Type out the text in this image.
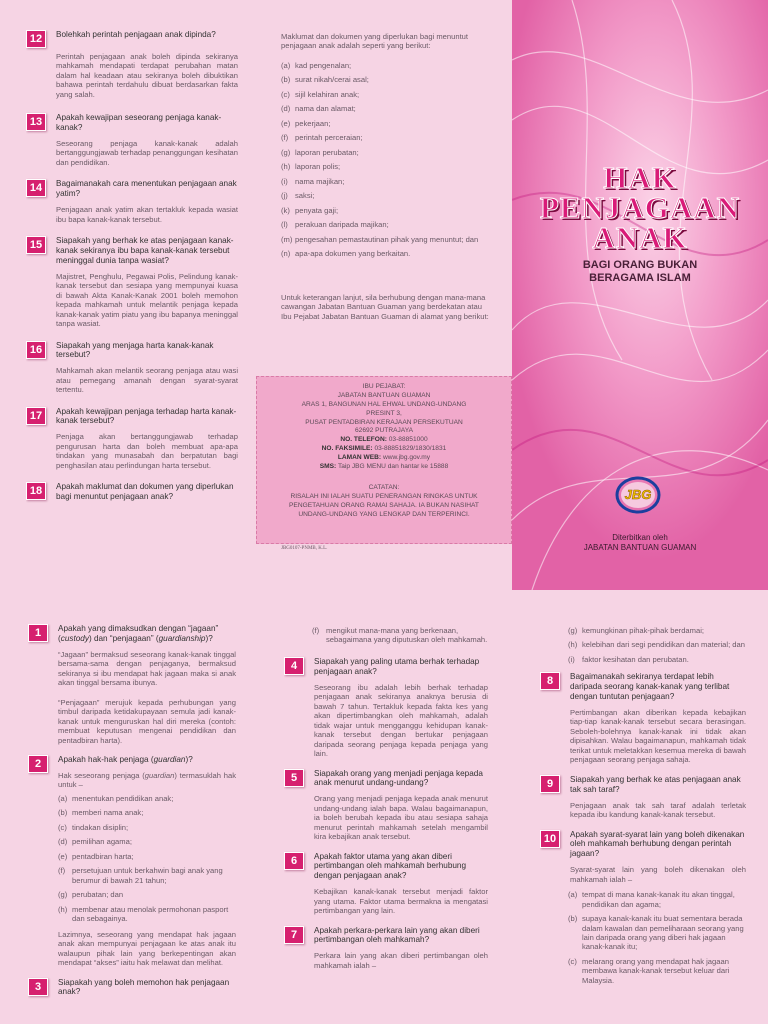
12	Bolehkah perintah penjagaan anak dipinda?
Perintah penjagaan anak boleh dipinda sekiranya mahkamah mendapati terdapat perubahan matan dalam hal keadaan atau sekiranya boleh dibuktikan bahawa perintah terdahulu dibuat berdasarkan fakta yang salah.
13	Apakah kewajipan seseorang penjaga kanak-kanak?
Seseorang penjaga kanak-kanak adalah bertanggungjawab terhadap penanggungan kesihatan dan pendidikan.
14	Bagaimanakah cara menentukan penjagaan anak yatim?
Penjagaan anak yatim akan tertakluk kepada wasiat ibu bapa kanak-kanak tersebut.
15	Siapakah yang berhak ke atas penjagaan kanak-kanak sekiranya ibu bapa kanak-kanak tersebut meninggal dunia tanpa wasiat?
Majistret, Penghulu, Pegawai Polis, Pelindung kanak-kanak tersebut dan sesiapa yang mempunyai kuasa di bawah Akta Kanak-Kanak 2001 boleh memohon kepada mahkamah untuk melantik penjaga kepada kanak-kanak yatim piatu yang ibu bapanya meninggal tanpa wasiat.
16	Siapakah yang menjaga harta kanak-kanak tersebut?
Mahkamah akan melantik seorang penjaga atau wasi atau pemegang amanah dengan syarat-syarat tertentu.
17	Apakah kewajipan penjaga terhadap harta kanak-kanak tersebut?
Penjaga akan bertanggungjawab terhadap pengurusan harta dan boleh membuat apa-apa tindakan yang munasabah dan berpatutan bagi penghasilan atau perlindungan harta tersebut.
18	Apakah maklumat dan dokumen yang diperlukan bagi menuntut penjagaan anak?
Maklumat dan dokumen yang diperlukan bagi menuntut penjagaan anak adalah seperti yang berikut:
(a) kad pengenalan;
(b) surat nikah/cerai asal;
(c) sijil kelahiran anak;
(d) nama dan alamat;
(e) pekerjaan;
(f) perintah perceraian;
(g) laporan perubatan;
(h) laporan polis;
(i) nama majikan;
(j) saksi;
(k) penyata gaji;
(l) perakuan daripada majikan;
(m) pengesahan pemastautinan pihak yang menuntut; dan
(n) apa-apa dokumen yang berkaitan.
Untuk keterangan lanjut, sila berhubung dengan mana-mana cawangan Jabatan Bantuan Guaman yang berdekatan atau Ibu Pejabat Jabatan Bantuan Guaman di alamat yang berikut:
IBU PEJABAT:
JABATAN BANTUAN GUAMAN
ARAS 1, BANGUNAN HAL EHWAL UNDANG-UNDANG
PRESINT 3,
PUSAT PENTADBIRAN KERAJAAN PERSEKUTUAN
62692 PUTRAJAYA
NO. TELEFON: 03-88851000
NO. FAKSIMILE: 03-88851829/1830/1831
LAMAN WEB: www.jbg.gov.my
SMS: Taip JBG MENU dan hantar ke 15888
CATATAN:
RISALAH INI IALAH SUATU PENERANGAN RINGKAS UNTUK PENGETAHUAN ORANG RAMAI SAHAJA. IA BUKAN NASIHAT UNDANG-UNDANG YANG LENGKAP DAN TERPERINCI.
JBG0107-PNMB, K.L.
HAK
PENJAGAAN
ANAK
BAGI ORANG BUKAN
BERAGAMA ISLAM
JBG
Diterbitkan oleh
JABATAN BANTUAN GUAMAN
1	Apakah yang dimaksudkan dengan “jagaan” (custody) dan “penjagaan” (guardianship)?
“Jagaan” bermaksud seseorang kanak-kanak tinggal bersama-sama dengan penjaganya, bermaksud sekiranya si ibu mendapat hak jagaan maka si anak akan tinggal bersama ibunya.
“Penjagaan” merujuk kepada perhubungan yang timbul daripada ketidakupayaan semula jadi kanak-kanak untuk menguruskan hal diri mereka (contoh: membuat keputusan mengenai pendidikan dan pentadbiran harta).
2	Apakah hak-hak penjaga (guardian)?
Hak seseorang penjaga (guardian) termasuklah hak untuk –
(a) menentukan pendidikan anak;
(b) memberi nama anak;
(c) tindakan disiplin;
(d) pemilihan agama;
(e) pentadbiran harta;
(f) persetujuan untuk berkahwin bagi anak yang berumur di bawah 21 tahun;
(g) perubatan; dan
(h) membenar atau menolak permohonan pasport dan sebagainya.
Lazimnya, seseorang yang mendapat hak jagaan anak akan mempunyai penjagaan ke atas anak itu walaupun pihak lain yang berkepentingan akan mendapat “akses” iaitu hak melawat dan melihat.
3	Siapakah yang boleh memohon hak penjagaan anak?
(f) mengikut mana-mana yang berkenaan, sebagaimana yang diputuskan oleh mahkamah.
4	Siapakah yang paling utama berhak terhadap penjagaan anak?
Seseorang ibu adalah lebih berhak terhadap penjagaan anak sekiranya anaknya berusia di bawah 7 tahun. Tertakluk kepada fakta kes yang akan dipertimbangkan oleh mahkamah, adalah tidak wajar untuk mengganggu kehidupan kanak-kanak tersebut dengan bertukar penjagaan daripada seorang penjaga kepada penjaga yang lain.
5	Siapakah orang yang menjadi penjaga kepada anak menurut undang-undang?
Orang yang menjadi penjaga kepada anak menurut undang-undang ialah bapa. Walau bagaimanapun, ia boleh berubah kepada ibu atau sesiapa sahaja menurut perintah mahkamah setelah mengambil kira kebajikan anak tersebut.
6	Apakah faktor utama yang akan diberi pertimbangan oleh mahkamah berhubung dengan penjagaan anak?
Kebajikan kanak-kanak tersebut menjadi faktor yang utama. Faktor utama bermakna ia mengatasi pertimbangan yang lain.
7	Apakah perkara-perkara lain yang akan diberi pertimbangan oleh mahkamah?
Perkara lain yang akan diberi pertimbangan oleh mahkamah ialah –
(g) kemungkinan pihak-pihak berdamai;
(h) kelebihan dari segi pendidikan dan material; dan
(i) faktor kesihatan dan perubatan.
8	Bagaimanakah sekiranya terdapat lebih daripada seorang kanak-kanak yang terlibat dengan tuntutan penjagaan?
Pertimbangan akan diberikan kepada kebajikan tiap-tiap kanak-kanak tersebut secara berasingan. Seboleh-bolehnya kanak-kanak ini tidak akan dipisahkan. Walau bagaimanapun, mahkamah tidak terikat untuk meletakkan kesemua mereka di bawah penjagaan seorang penjaga sahaja.
9	Siapakah yang berhak ke atas penjagaan anak tak sah taraf?
Penjagaan anak tak sah taraf adalah terletak kepada ibu kandung kanak-kanak tersebut.
10	Apakah syarat-syarat lain yang boleh dikenakan oleh mahkamah berhubung dengan perintah jagaan?
Syarat-syarat lain yang boleh dikenakan oleh mahkamah ialah –
(a) tempat di mana kanak-kanak itu akan tinggal, pendidikan dan agama;
(b) supaya kanak-kanak itu buat sementara berada dalam kawalan dan pemeliharaan seorang yang lain daripada orang yang diberi hak jagaan kanak-kanak itu;
(c) melarang orang yang mendapat hak jagaan membawa kanak-kanak tersebut keluar dari Malaysia.
